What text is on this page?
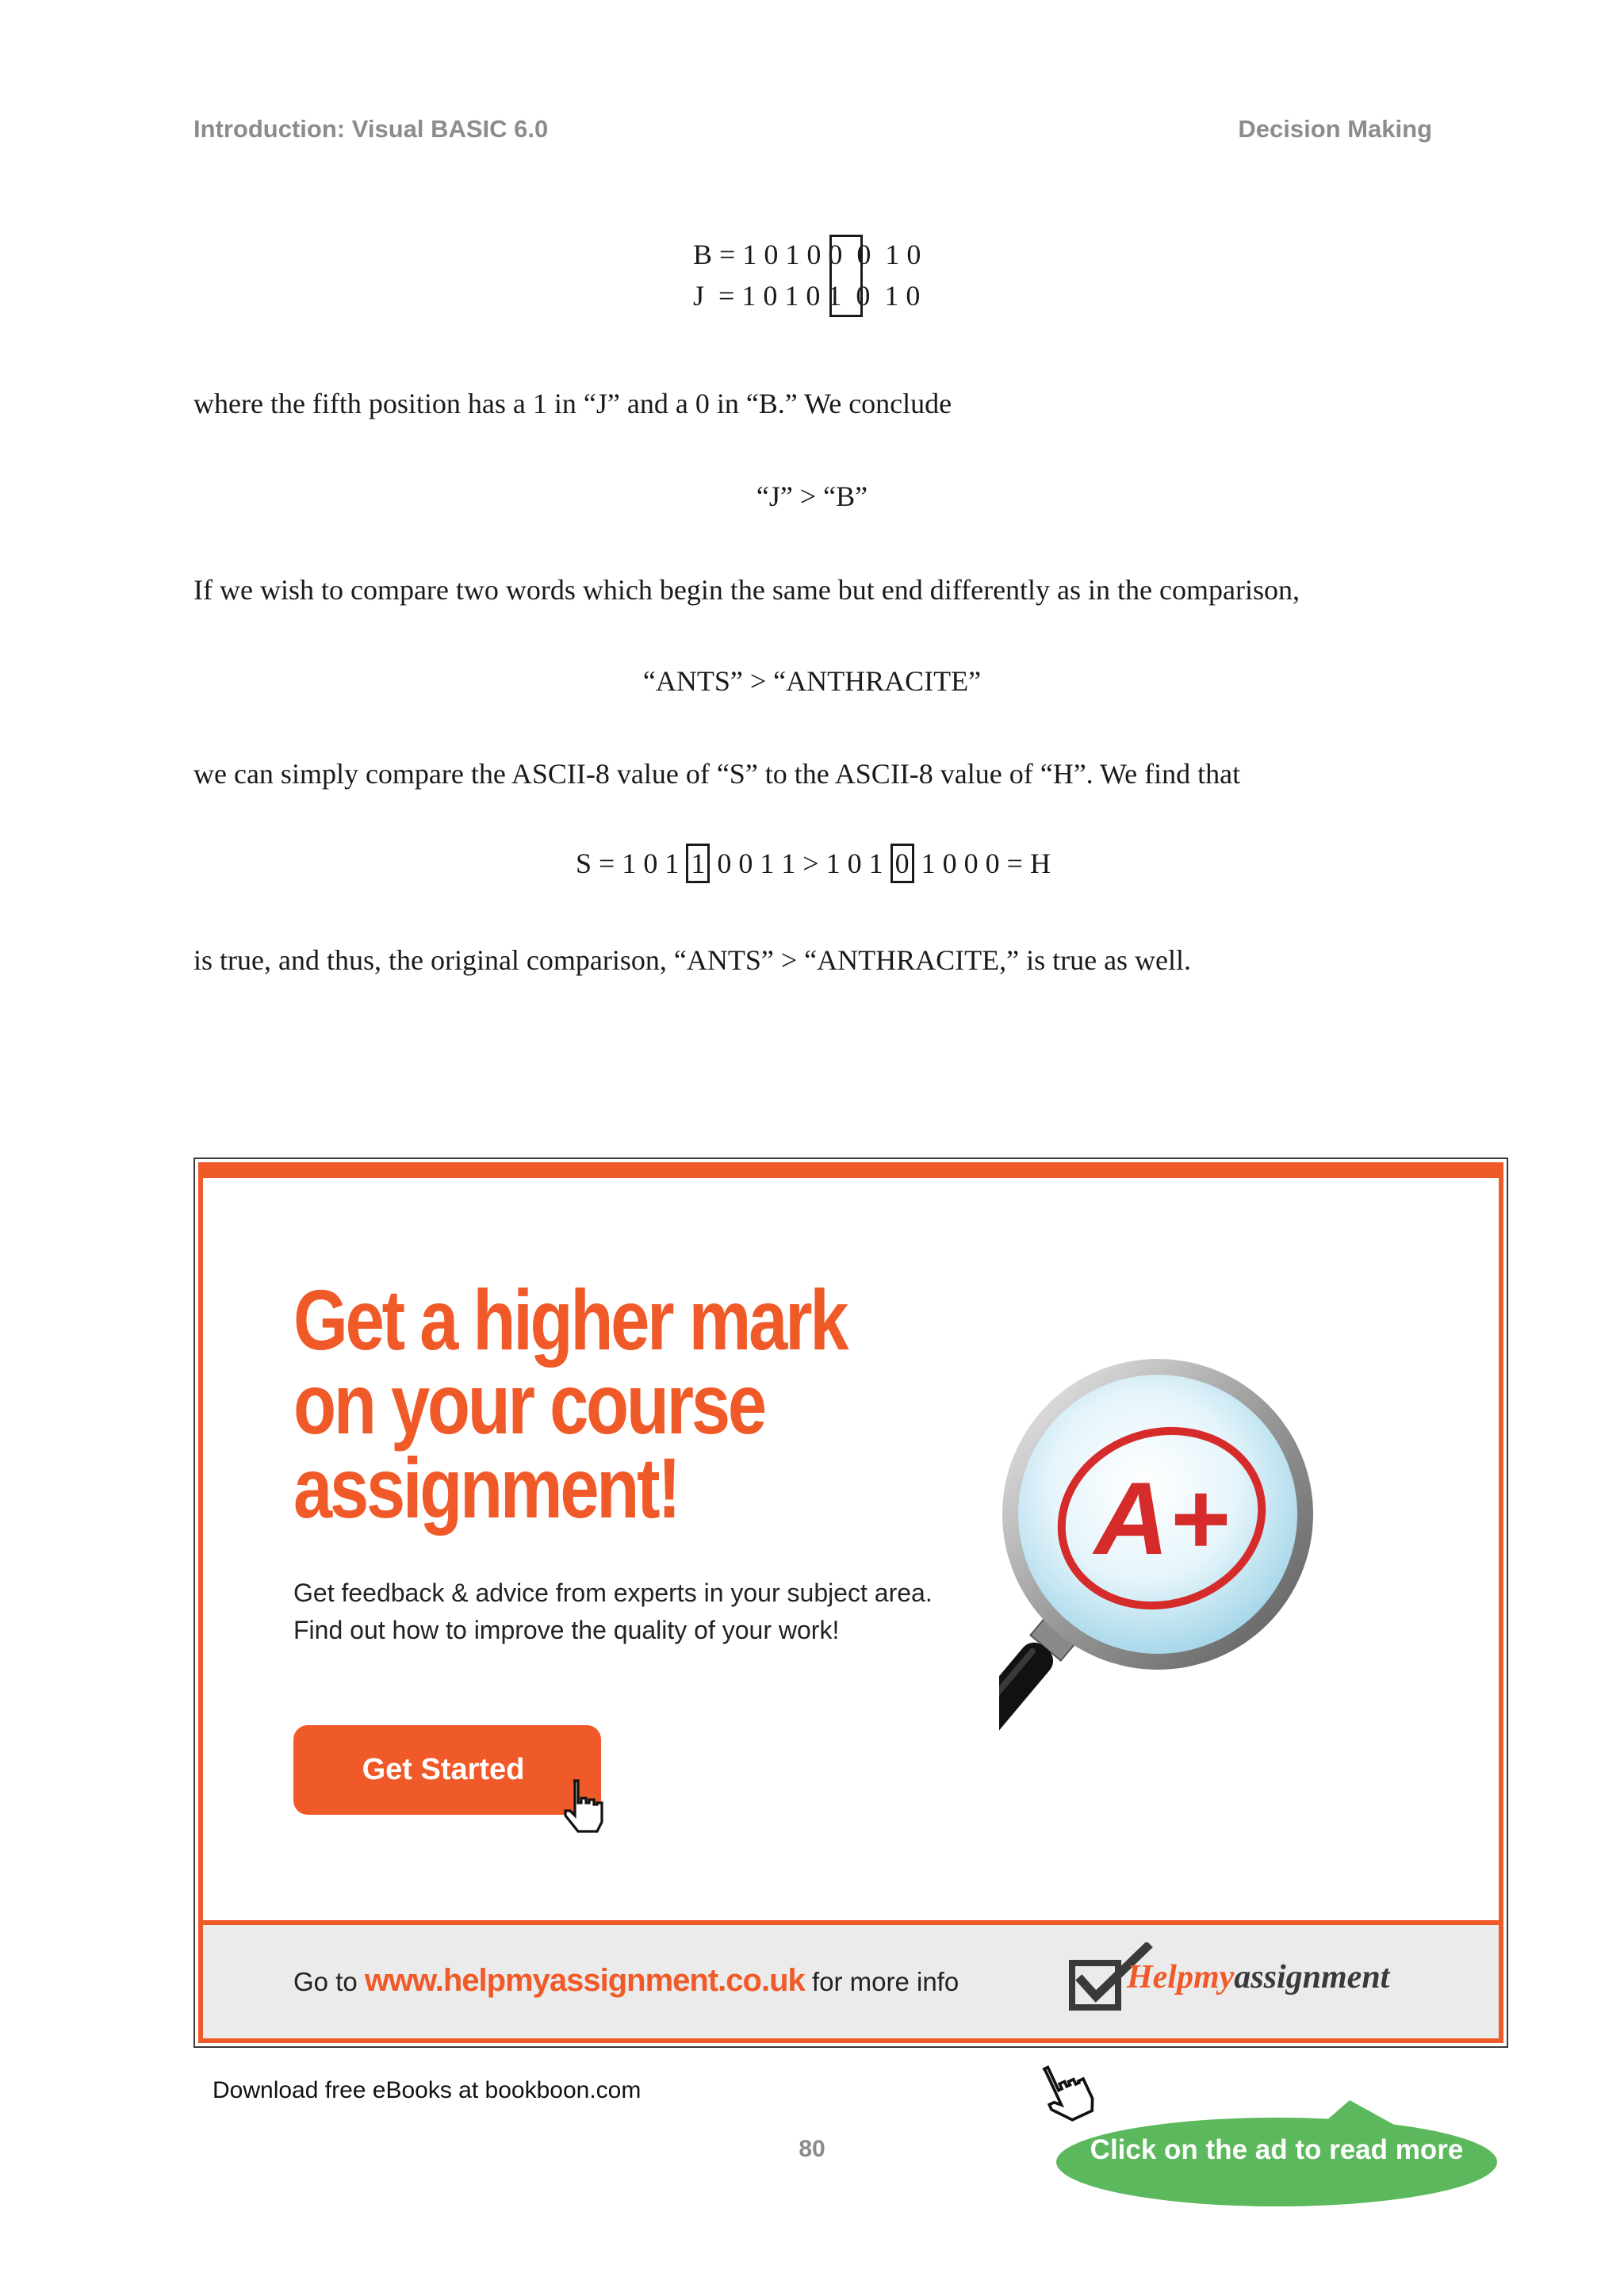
Introduction: Visual BASIC 6.0	Decision Making
B = 1 0 1 0 0  0  1 0
J  = 1 0 1 0 1  0  1 0
where the fifth position has a 1 in “J” and a 0 in “B.” We conclude
“J” > “B”
If we wish to compare two words which begin the same but end differently as in the comparison,
“ANTS” > “ANTHRACITE”
we can simply compare the ASCII-8 value of “S” to the ASCII-8 value of “H”. We find that
S = 1 0 1 1 0 0 1 1 > 1 0 1 0 1 0 0 0 = H
is true, and thus, the original comparison, “ANTS” > “ANTHRACITE,” is true as well.
Get a higher mark
on your course
assignment!
Get feedback & advice from experts in your subject area. Find out how to improve the quality of your work!
Get Started
A+
Go to www.helpmyassignment.co.uk for more info	Helpmyassignment
Download free eBooks at bookboon.com
80	Click on the ad to read more
